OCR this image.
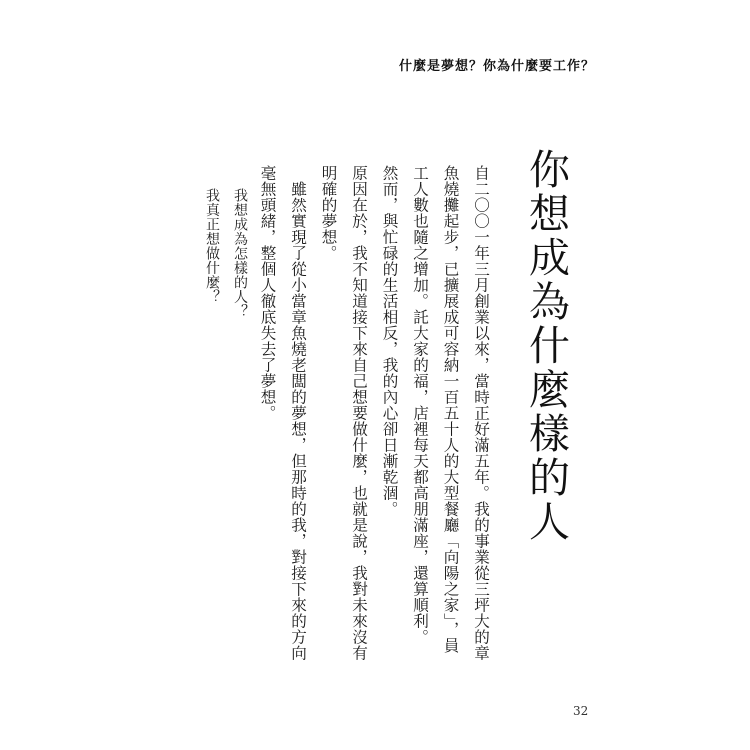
什麼是夢想？你為什麼要工作？
你想成為什麼樣的人

自二〇〇一年三月創業以來，當時正好滿五年。我的事業從三坪大的章魚燒攤起步，已擴展成可容納一百五十人的大型餐廳「向陽之家」，員工人數也隨之增加。託大家的福，店裡每天都高朋滿座，還算順利。

然而，與忙碌的生活相反，我的內心卻日漸乾涸。

原因在於，我不知道接下來自己想要做什麼，也就是說，我對未來沒有明確的夢想。

雖然實現了從小當章魚燒老闆的夢想，但那時的我，對接下來的方向毫無頭緒，整個人徹底失去了夢想。

我想成為怎樣的人？

我真正想做什麼？

32
